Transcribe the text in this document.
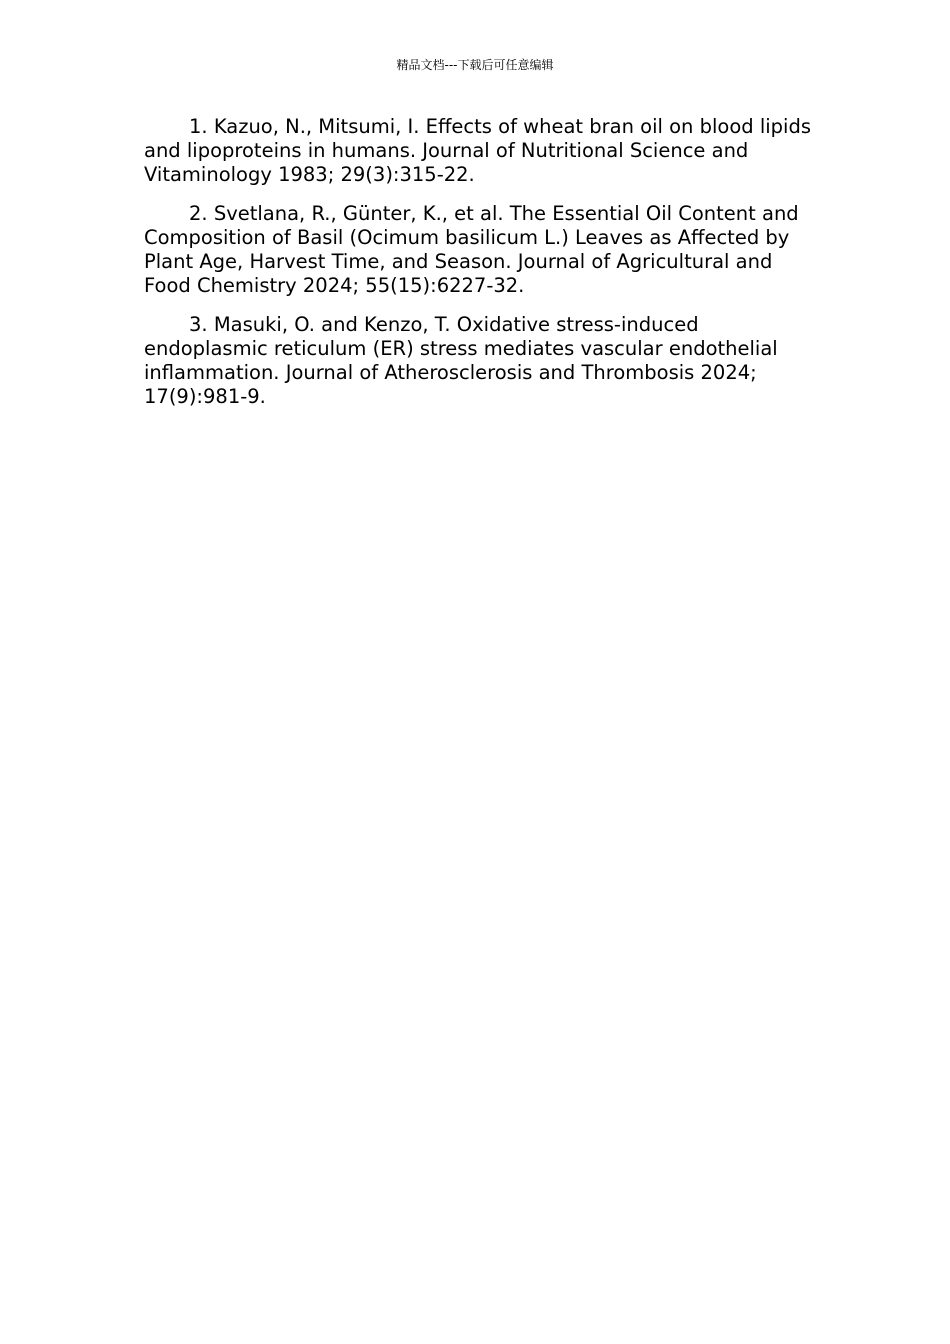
精品文档---下载后可任意编辑

1. Kazuo, N., Mitsumi, I. Effects of wheat bran oil on blood lipids and lipoproteins in humans. Journal of Nutritional Science and Vitaminology 1983; 29(3):315-22.

2. Svetlana, R., Günter, K., et al. The Essential Oil Content and Composition of Basil (Ocimum basilicum L.) Leaves as Affected by Plant Age, Harvest Time, and Season. Journal of Agricultural and Food Chemistry 2024; 55(15):6227-32.

3. Masuki, O. and Kenzo, T. Oxidative stress-induced endoplasmic reticulum (ER) stress mediates vascular endothelial inflammation. Journal of Atherosclerosis and Thrombosis 2024; 17(9):981-9.
